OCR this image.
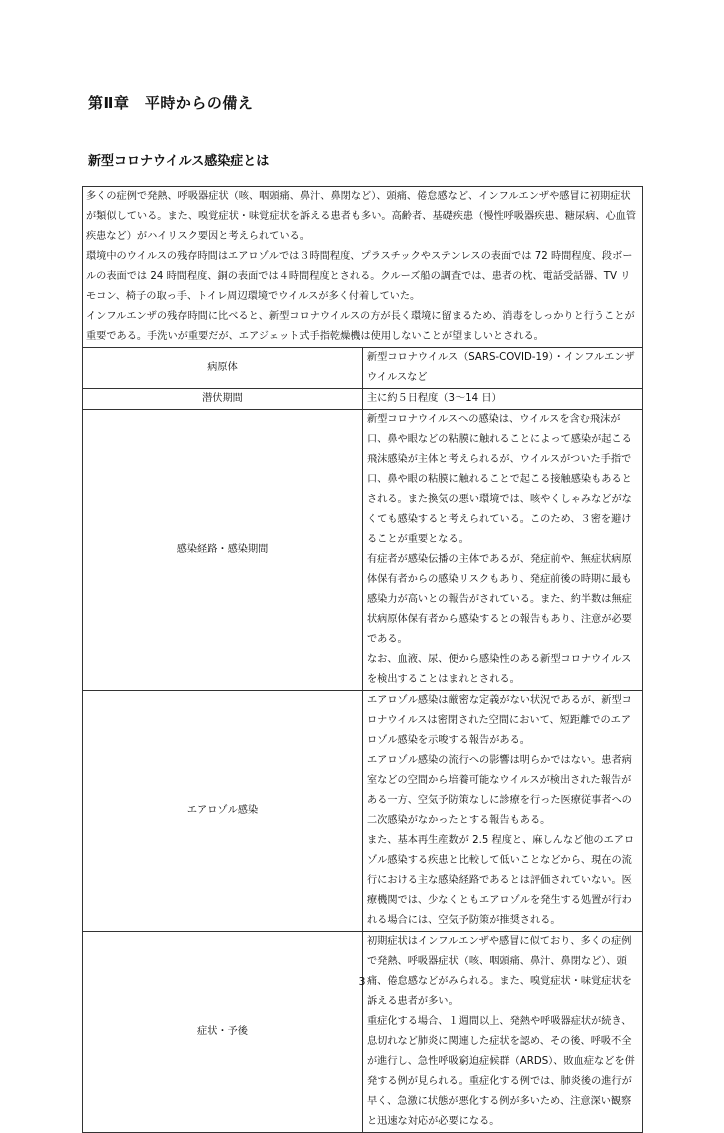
第Ⅱ章　平時からの備え
新型コロナウイルス感染症とは
多くの症例で発熱、呼吸器症状（咳、咽頭痛、鼻汁、鼻閉など）、頭痛、倦怠感など、インフルエンザや感冒に初期症状が類似している。また、嗅覚症状・味覚症状を訴える患者も多い。高齢者、基礎疾患（慢性呼吸器疾患、糖尿病、心血管疾患など）がハイリスク要因と考えられている。
環境中のウイルスの残存時間はエアロゾルでは３時間程度、プラスチックやステンレスの表面では 72 時間程度、段ボールの表面では 24 時間程度、銅の表面では４時間程度とされる。クルーズ船の調査では、患者の枕、電話受話器、TV リモコン、椅子の取っ手、トイレ周辺環境でウイルスが多く付着していた。
インフルエンザの残存時間に比べると、新型コロナウイルスの方が長く環境に留まるため、消毒をしっかりと行うことが重要である。手洗いが重要だが、エアジェット式手指乾燥機は使用しないことが望ましいとされる。	

病原体	新型コロナウイルス（SARS-COVID-19）・インフルエンザウイルスなど

潜伏期間	主に約５日程度（3～14 日）

感染経路・感染期間	新型コロナウイルスへの感染は、ウイルスを含む飛沫が口、鼻や眼などの粘膜に触れることによって感染が起こる飛沫感染が主体と考えられるが、ウイルスがついた手指で口、鼻や眼の粘膜に触れることで起こる接触感染もあるとされる。また換気の悪い環境では、咳やくしゃみなどがなくても感染すると考えられている。このため、３密を避けることが重要となる。
有症者が感染伝播の主体であるが、発症前や、無症状病原体保有者からの感染リスクもあり、発症前後の時期に最も感染力が高いとの報告がされている。また、約半数は無症状病原体保有者から感染するとの報告もあり、注意が必要である。
なお、血液、尿、便から感染性のある新型コロナウイルスを検出することはまれとされる。

エアロゾル感染	エアロゾル感染は厳密な定義がない状況であるが、新型コロナウイルスは密閉された空間において、短距離でのエアロゾル感染を示唆する報告がある。
エアロゾル感染の流行への影響は明らかではない。患者病室などの空間から培養可能なウイルスが検出された報告がある一方、空気予防策なしに診療を行った医療従事者への二次感染がなかったとする報告もある。
また、基本再生産数が 2.5 程度と、麻しんなど他のエアロゾル感染する疾患と比較して低いことなどから、現在の流行における主な感染経路であるとは評価されていない。医療機関では、少なくともエアロゾルを発生する処置が行われる場合には、空気予防策が推奨される。

症状・予後	初期症状はインフルエンザや感冒に似ており、多くの症例で発熱、呼吸器症状（咳、咽頭痛、鼻汁、鼻閉など）、頭痛、倦怠感などがみられる。また、嗅覚症状・味覚症状を訴える患者が多い。
重症化する場合、１週間以上、発熱や呼吸器症状が続き、息切れなど肺炎に関連した症状を認め、その後、呼吸不全が進行し、急性呼吸窮迫症候群（ARDS）、敗血症などを併発する例が見られる。重症化する例では、肺炎後の進行が早く、急激に状態が悪化する例が多いため、注意深い観察と迅速な対応が必要になる。
3
